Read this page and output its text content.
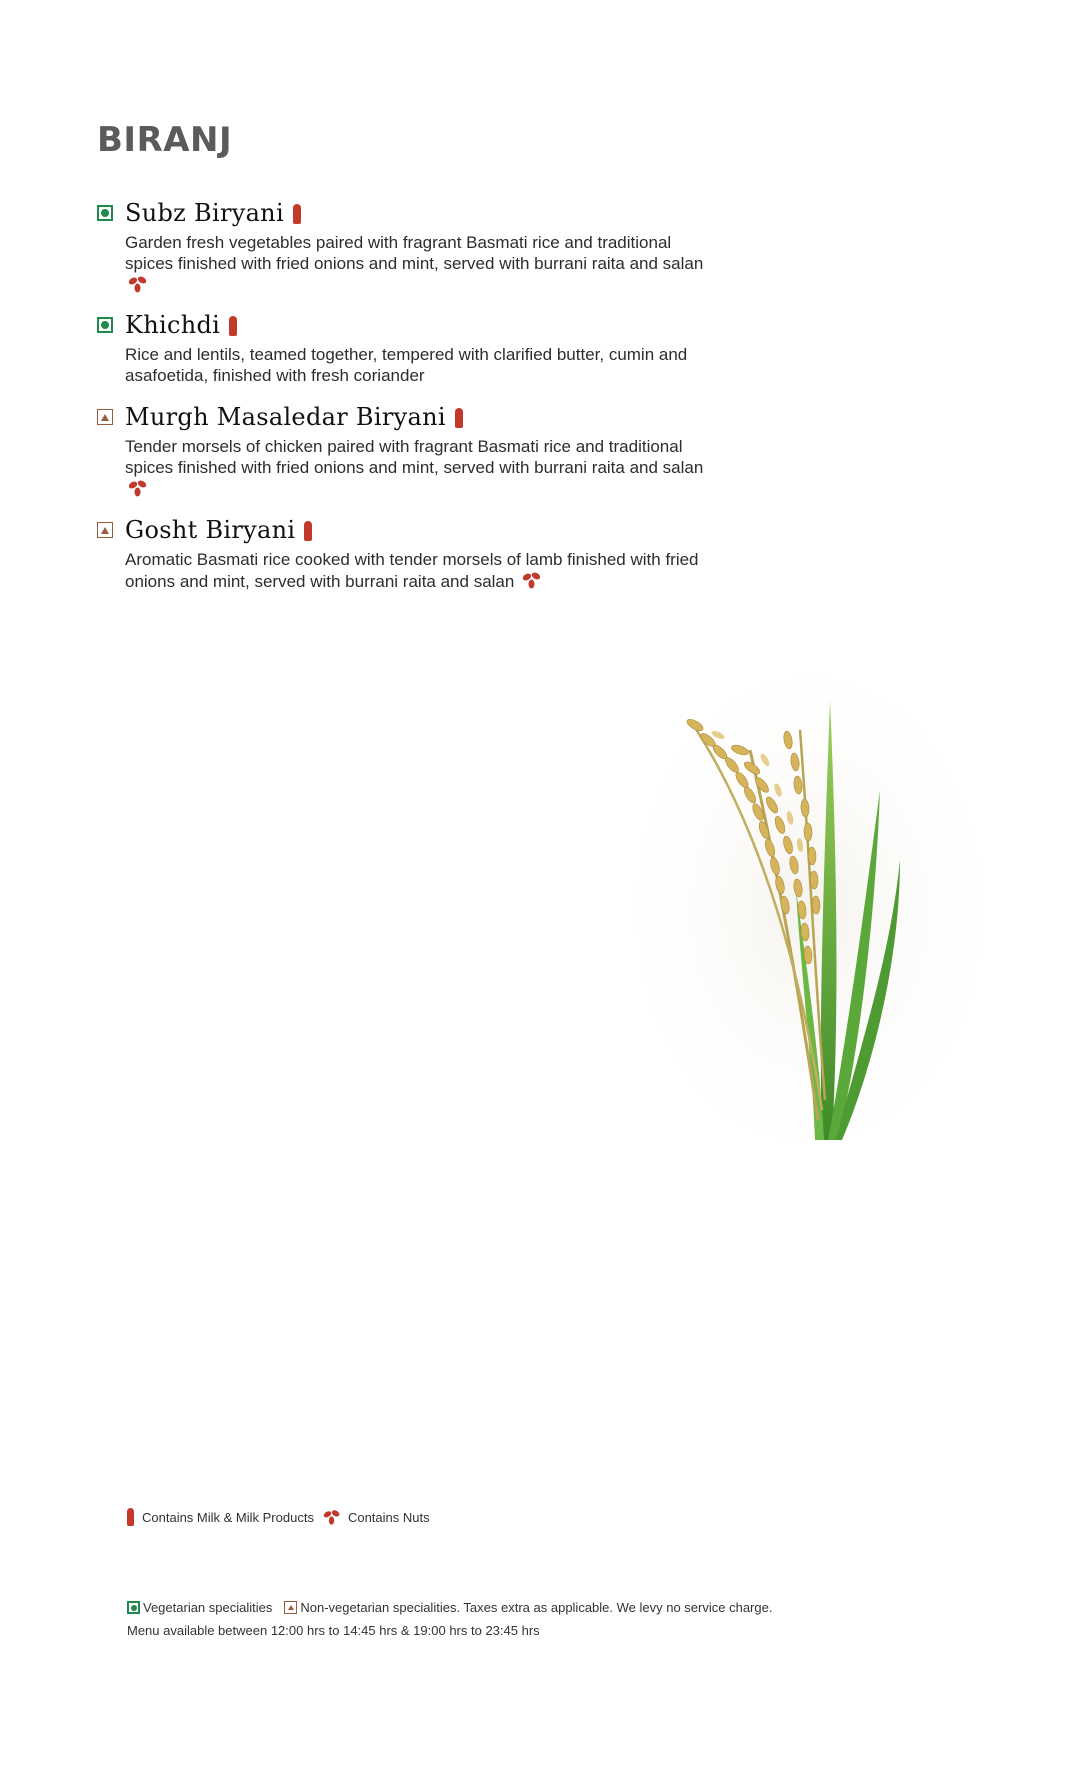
BIRANJ
Subz Biryani
Garden fresh vegetables paired with fragrant Basmati rice and traditional spices finished with fried onions and mint, served with burrani raita and salan
Khichdi
Rice and lentils, teamed together, tempered with clarified butter, cumin and asafoetida, finished with fresh coriander
Murgh Masaledar Biryani
Tender morsels of chicken paired with fragrant Basmati rice and traditional spices finished with fried onions and mint, served with burrani raita and salan
Gosht Biryani
Aromatic Basmati rice cooked with tender morsels of lamb finished with fried onions and mint, served with burrani raita and salan
Contains Milk & Milk Products	Contains Nuts
Vegetarian specialities Non-vegetarian specialities. Taxes extra as applicable. We levy no service charge.
Menu available between 12:00 hrs to 14:45 hrs & 19:00 hrs to 23:45 hrs
